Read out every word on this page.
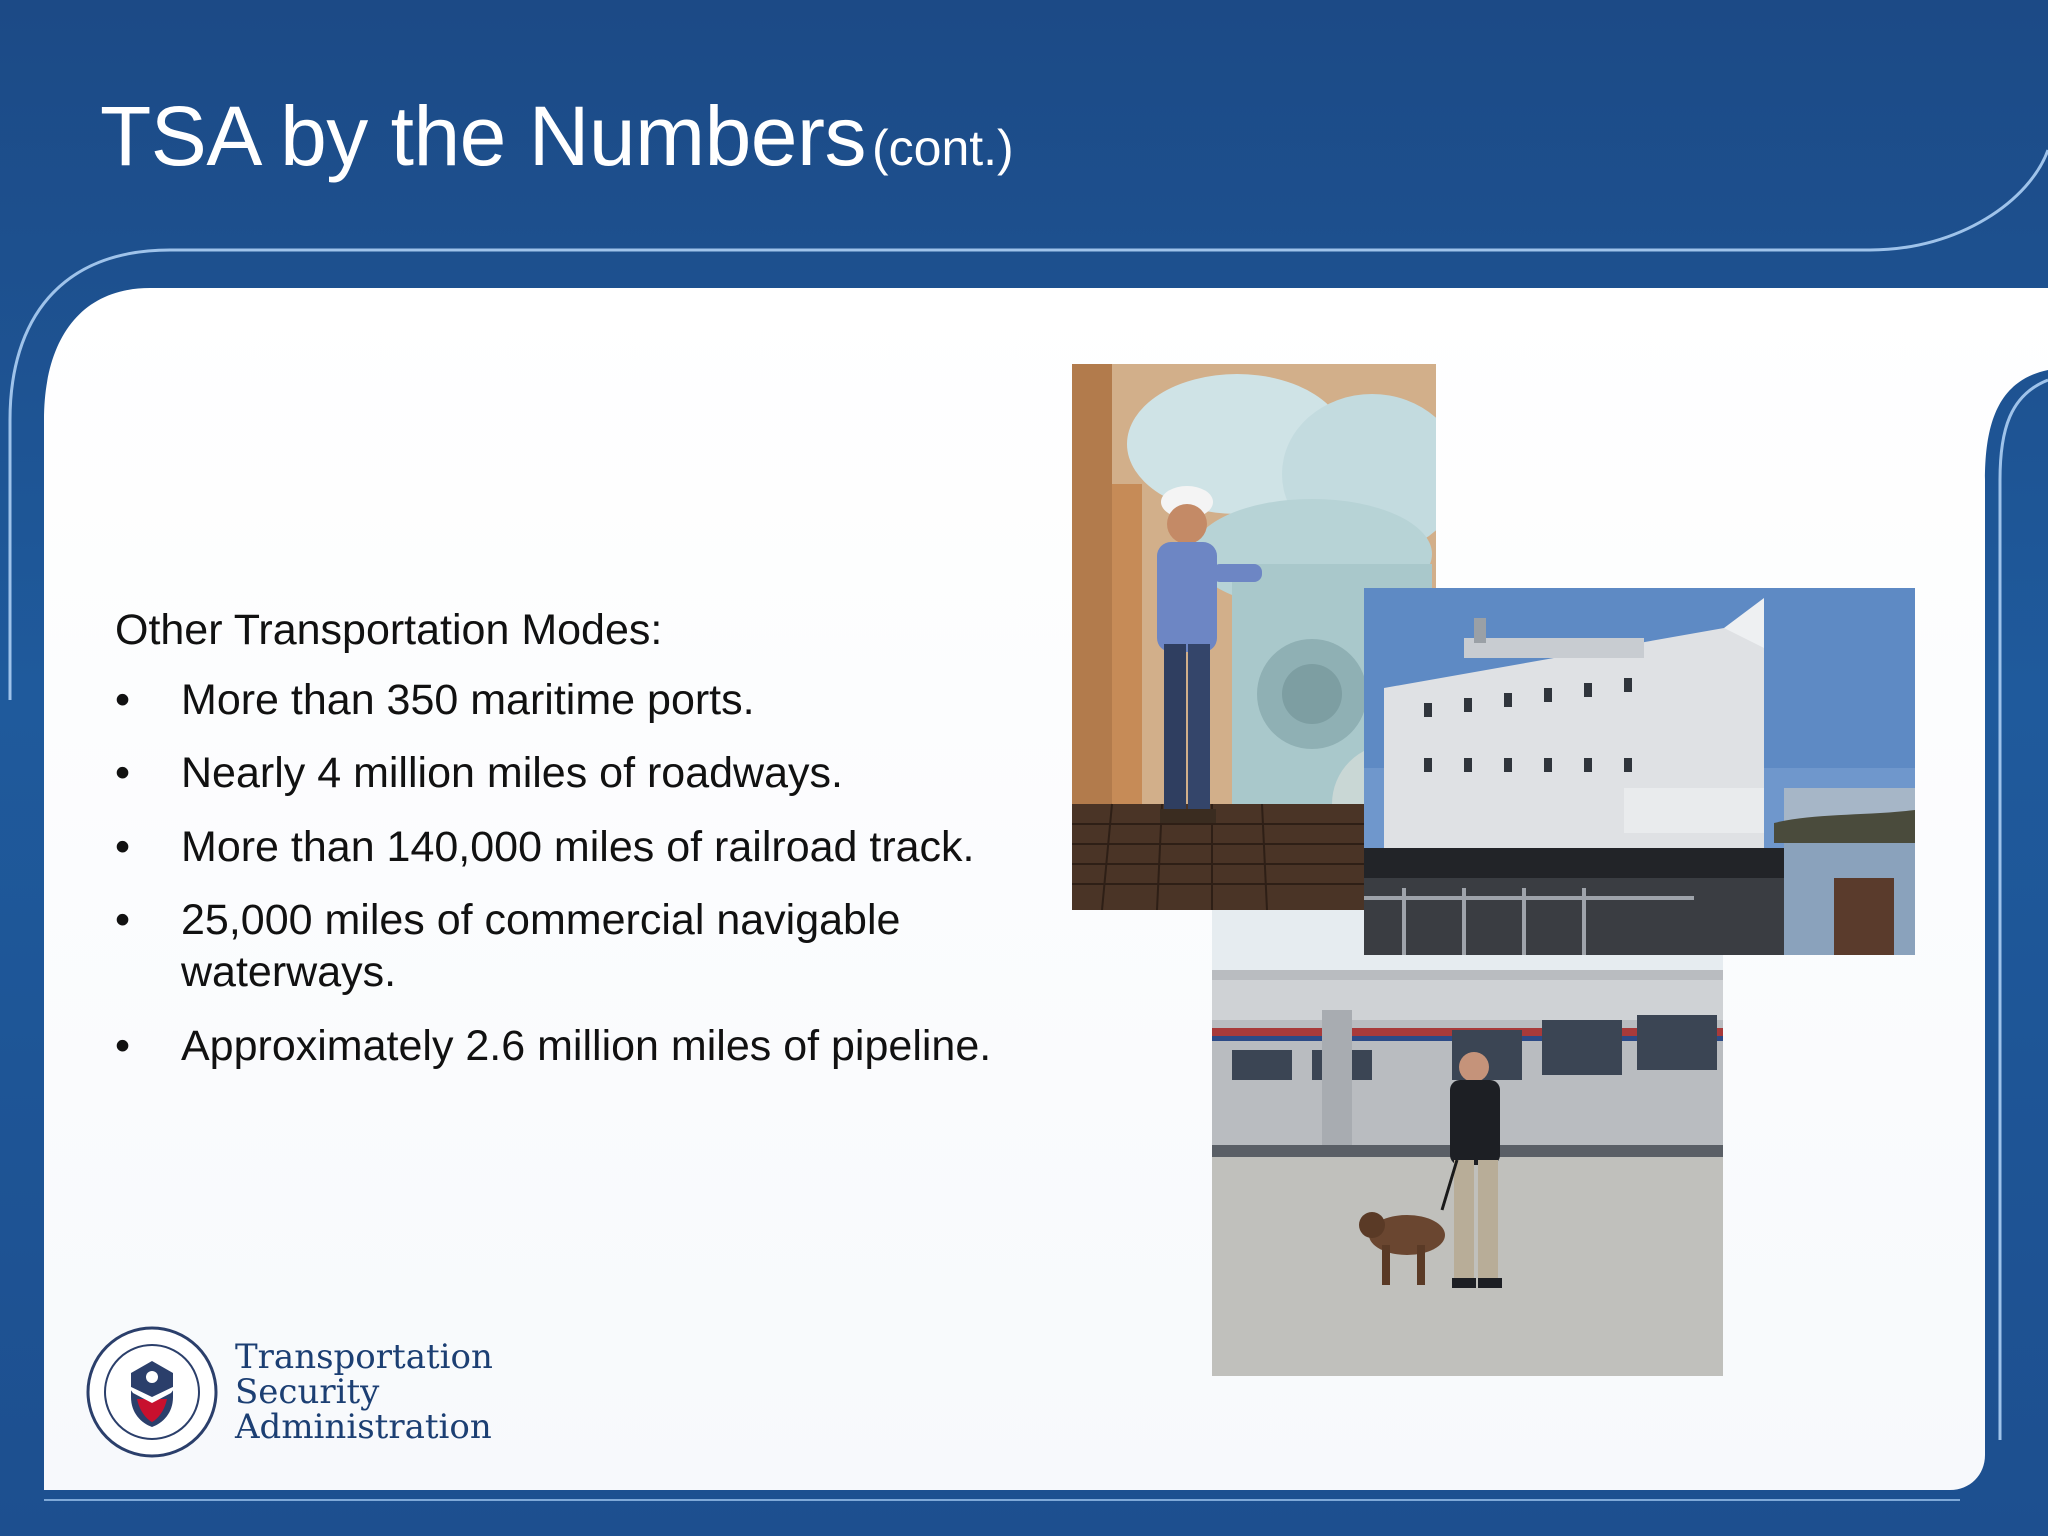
TSA by the Numbers (cont.)

Other Transportation Modes:

•	More than 350 maritime ports.
•	Nearly 4 million miles of roadways.
•	More than 140,000 miles of railroad track.
•	25,000 miles of commercial navigable waterways.
•	Approximately 2.6 million miles of pipeline.
Transportation
Security
Administration
